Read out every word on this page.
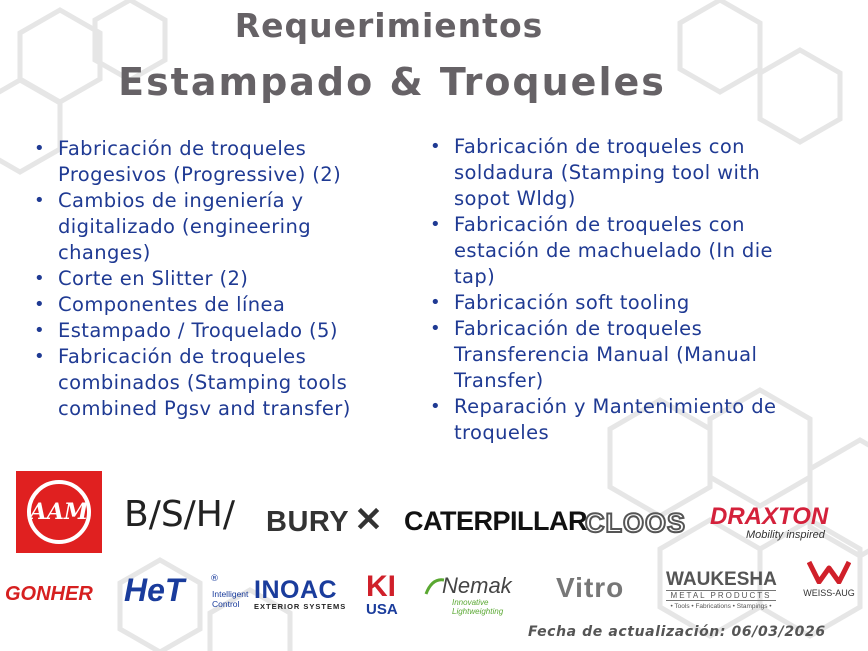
Requerimientos
Estampado & Troqueles
• Fabricación de troqueles Progesivos (Progressive) (2)
• Cambios de ingeniería y digitalizado (engineering changes)
• Corte en Slitter (2)
• Componentes de línea
• Estampado / Troquelado (5)
• Fabricación de troqueles combinados (Stamping tools combined Pgsv and transfer)
• Fabricación de troqueles con soldadura (Stamping tool with sopot Wldg)
• Fabricación de troqueles con estación de machuelado (In die tap)
• Fabricación soft tooling
• Fabricación de troqueles Transferencia Manual (Manual Transfer)
• Reparación y Mantenimiento de troqueles
AAM B/S/H/ BURY ✕ CATERPILLAR
CLOOS DRAXTON
Mobility inspired
GONHER HeT	®
Intelligent
Control INOAC
EXTERIOR SYSTEMS
KI
USA
Nemak
Innovative Lightweighting
Vitro WAUKESHA
METAL PRODUCTS
• Tools • Fabrications • Stampings •
WEISS-AUG
Fecha de actualización: 06/03/2026
